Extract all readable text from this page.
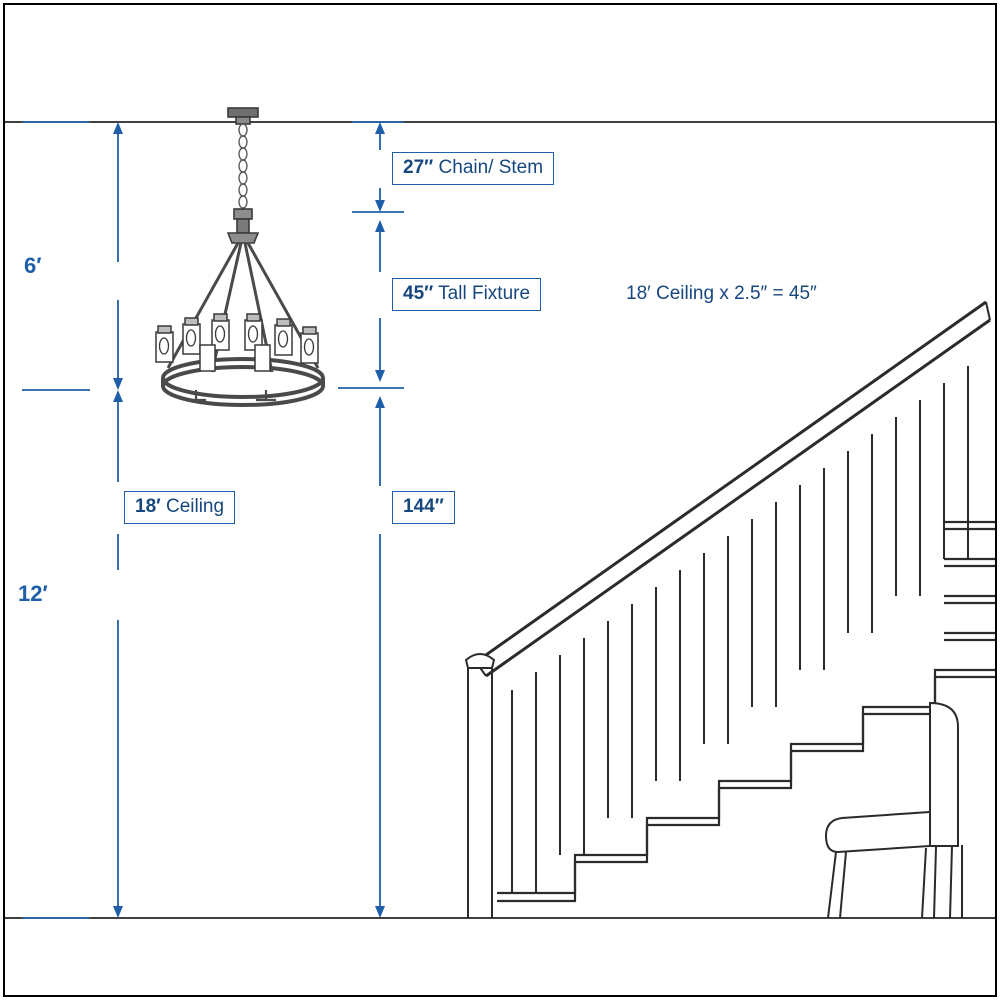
6′
12′
27″ Chain/ Stem
45″ Tall Fixture	18′ Ceiling x 2.5″ = 45″
18′ Ceiling	144″
